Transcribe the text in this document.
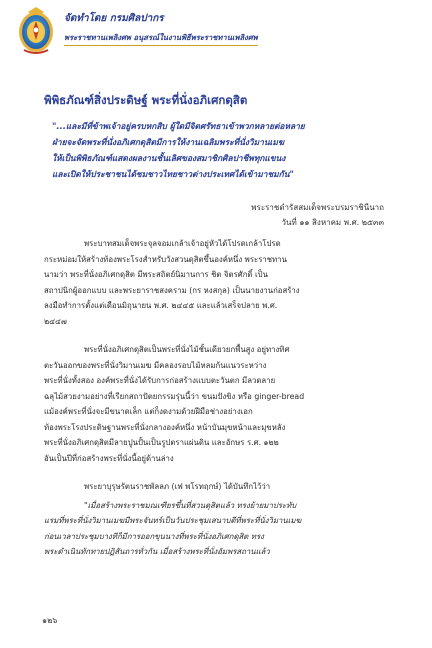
จัดทำโดย กรมศิลปากร
พระราชทานเพลิงศพ อนุสรณ์ในงานพิธีพระราชทานเพลิงศพ
พิพิธภัณฑ์สิ่งประดิษฐ์ พระที่นั่งอภิเศกดุสิต
"...และมีที่ข้าพเจ้าอยู่ครบหกสิบ ผู้ใดมีจิตศรัทธาเข้าพวกหลายต่อหลาย
ฝ่ายจะจัดพระที่นั่งอภิเศกดุสิตมีการให้งานเฉลิมพระที่นั่งวิมานเมฆ
ให้เป็นพิพิธภัณฑ์แสดงผลงานชั้นเลิศของสมาชิกศิลปาชีพทุกแขนง
และเปิดให้ประชาชนได้ชมชาวไทยชาวต่างประเทศได้เข้ามาชมกัน"
พระราชดำรัสสมเด็จพระบรมราชินีนาถ
วันที่ ๑๑ สิงหาคม พ.ศ. ๒๕๓๓
พระบาทสมเด็จพระจุลจอมเกล้าเจ้าอยู่หัวได้โปรดเกล้าโปรด
กระหม่อมให้สร้างท้องพระโรงสำหรับวังสวนดุสิตขึ้นองค์หนึ่ง พระราชทาน
นามว่า พระที่นั่งอภิเศกดุสิต มีพระสถิตย์นิมานการ ชิต จิตรศักดิ์ เป็น
สถาปนิกผู้ออกแบบ และพระยาราชสงคราม (กร หงสกุล) เป็นนายงานก่อสร้าง
ลงมือทำการตั้งแต่เดือนมิถุนายน พ.ศ. ๒๔๔๕ และแล้วเสร็จปลาย พ.ศ.
๒๔๔๗
พระที่นั่งอภิเศกดุสิตเป็นพระที่นั่งไม้ชั้นเดียวยกพื้นสูง อยู่ทางทิศ
ตะวันออกของพระที่นั่งวิมานเมฆ มีคลองรอบไม้หลมก้นแนวระหว่าง
พระที่นั่งทั้งสอง องค์พระที่นั่งได้รับการก่อสร้างแบบตะวันตก มีลวดลาย
ฉลุไม้สวยงามอย่างที่เรียกสถาปัตยกรรมรุ่นนี้ว่า ขนมปังขิง หรือ ginger-bread
แม้องค์พระที่นั่งจะมีขนาดเล็ก แต่ก็งดงามด้วยฝีมือช่างอย่างเอก
ท้องพระโรงประดิษฐานพระที่นั่งกลางองค์หนึ่ง หน้าบันมุขหน้าและมุขหลัง
พระที่นั่งอภิเศกดุสิตมีลายปูนปั้นเป็นรูปตราแผ่นดิน และอักษร ร.ศ. ๑๒๒
อันเป็นปีที่ก่อสร้างพระที่นั่งนี้อยู่ด้านล่าง
พระยาบุรุษรัตนราชพัลลภ (เฟ พโรทฤกษ์) ได้บันทึกไว้ว่า
"เมื่อสร้างพระราชมณเฑียรขึ้นที่สวนดุสิตแล้ว ทรงย้ายมาประทับ
แรมที่พระที่นั่งวิมานเมฆมีพระจันทร์เป็นวันประชุมเสนาบดีที่พระที่นั่งวิมานเมฆ
ก่อนเวลาประชุมบางทีก็มีการออกขุนนางที่พระที่นั่งอภิเศกดุสิต ทรง
พระดำเนินทักทายปฏิสันถารทั่วกัน เมื่อสร้างพระที่นั่งอัมพรสถานแล้ว
๑๒๖
